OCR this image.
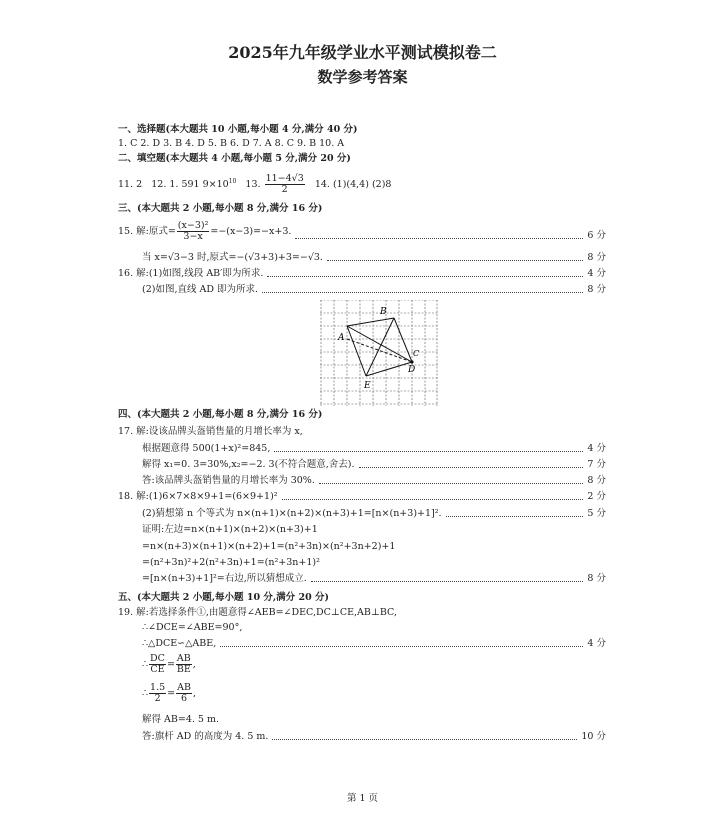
2025年九年级学业水平测试模拟卷二
数学参考答案
一、选择题(本大题共 10 小题,每小题 4 分,满分 40 分)
1. C 2. D 3. B 4. D 5. B 6. D 7. A 8. C 9. B 10. A
二、填空题(本大题共 4 小题,每小题 5 分,满分 20 分)
11. 2 12. 1. 591 $9\times 10^{10}$ 13. $\frac{11-4√3}{2} 14$. (1)(4,4) (2)8
三、(本大题共 2 小题,每小题 8 分,满分 16 分)
15. 解:原式= $\frac{\text{(x−3)²}}{3-x} =-(x-3)=-x+3$.	6 分
当 x=√3−3 时,原式=−(√3+3)+3=−√3.	8 分
16. 解:(1)如图,线段 AB′即为所求.	4 分
(2)如图,直线 AD 即为所求.	8 分
B
A
C
D
E
四、(本大题共 2 小题,每小题 8 分,满分 16 分)
17. 解:设该品牌头盔销售量的月增长率为 x,
根据题意得 500(1+x)²=845,	4 分
解得 x₁=0. 3=30%,x₂=−2. 3(不符合题意,舍去).	7 分
答:该品牌头盔销售量的月增长率为 30%.	8 分
18. 解:(1)6×7×8×9+1=(6×9+1)²	2 分
(2)猜想第 n 个等式为 n×(n+1)×(n+2)×(n+3)+1=[n×(n+3)+1]².	5 分
证明:左边=n×(n+1)×(n+2)×(n+3)+1
=n×(n+3)×(n+1)×(n+2)+1=(n²+3n)×(n²+3n+2)+1
=(n²+3n)²+2(n²+3n)+1=(n²+3n+1)²
=[n×(n+3)+1]²=右边,所以猜想成立.	8 分
五、(本大题共 2 小题,每小题 10 分,满分 20 分)
19. 解:若选择条件①,由题意得∠AEB=∠DEC,DC⊥CE,AB⊥BC,
∴∠DCE=∠ABE=90°,
∴△DCE∽△ABE,	4 分
∴ $\frac{DC}{CE} = \frac{AB}{BE}$ ,
∴ $\frac{1.5}{2} = \frac{AB}{6}$ ,
解得 AB=4. 5 m.
答:旗杆 AD 的高度为 4. 5 m.	10 分
第 1 页
